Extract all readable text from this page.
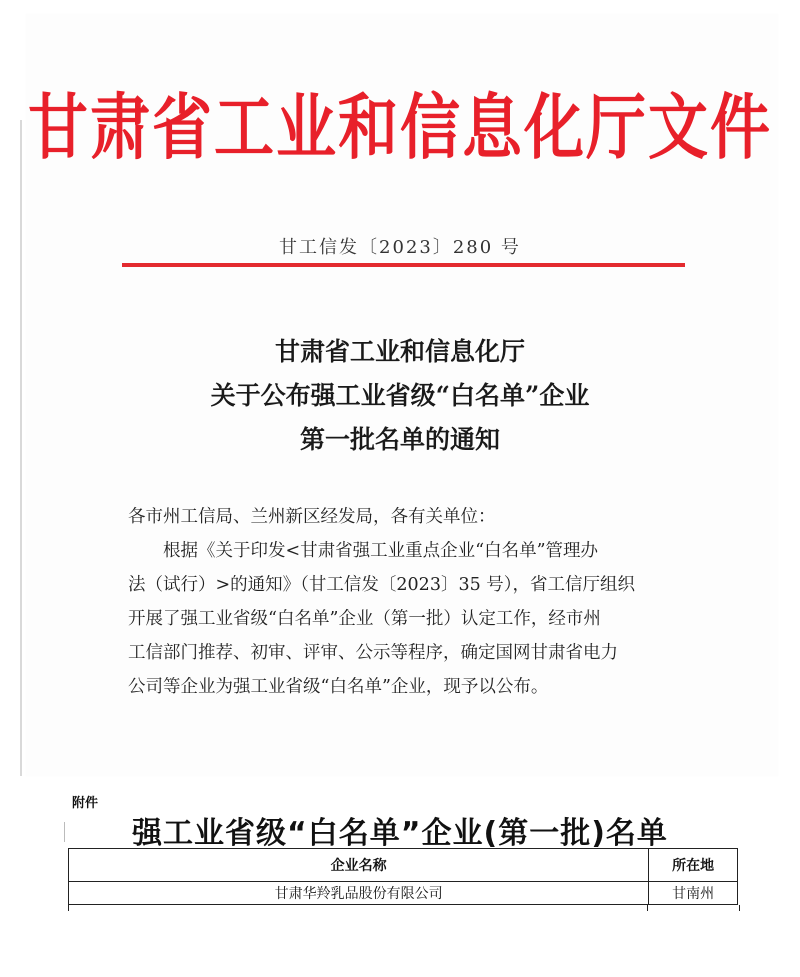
甘肃省工业和信息化厅文件
甘工信发〔2023〕280 号
甘肃省工业和信息化厅
关于公布强工业省级“白名单”企业
第一批名单的通知

各市州工信局、兰州新区经发局，各有关单位：

根据《关于印发<甘肃省强工业重点企业“白名单”管理办

法（试行）>的通知》（甘工信发〔2023〕35 号），省工信厅组织

开展了强工业省级“白名单”企业（第一批）认定工作，经市州

工信部门推荐、初审、评审、公示等程序，确定国网甘肃省电力

公司等企业为强工业省级“白名单”企业，现予以公布。

附件
强工业省级“白名单”企业(第一批)名单
企业名称	所在地
甘肃华羚乳品股份有限公司	甘南州
